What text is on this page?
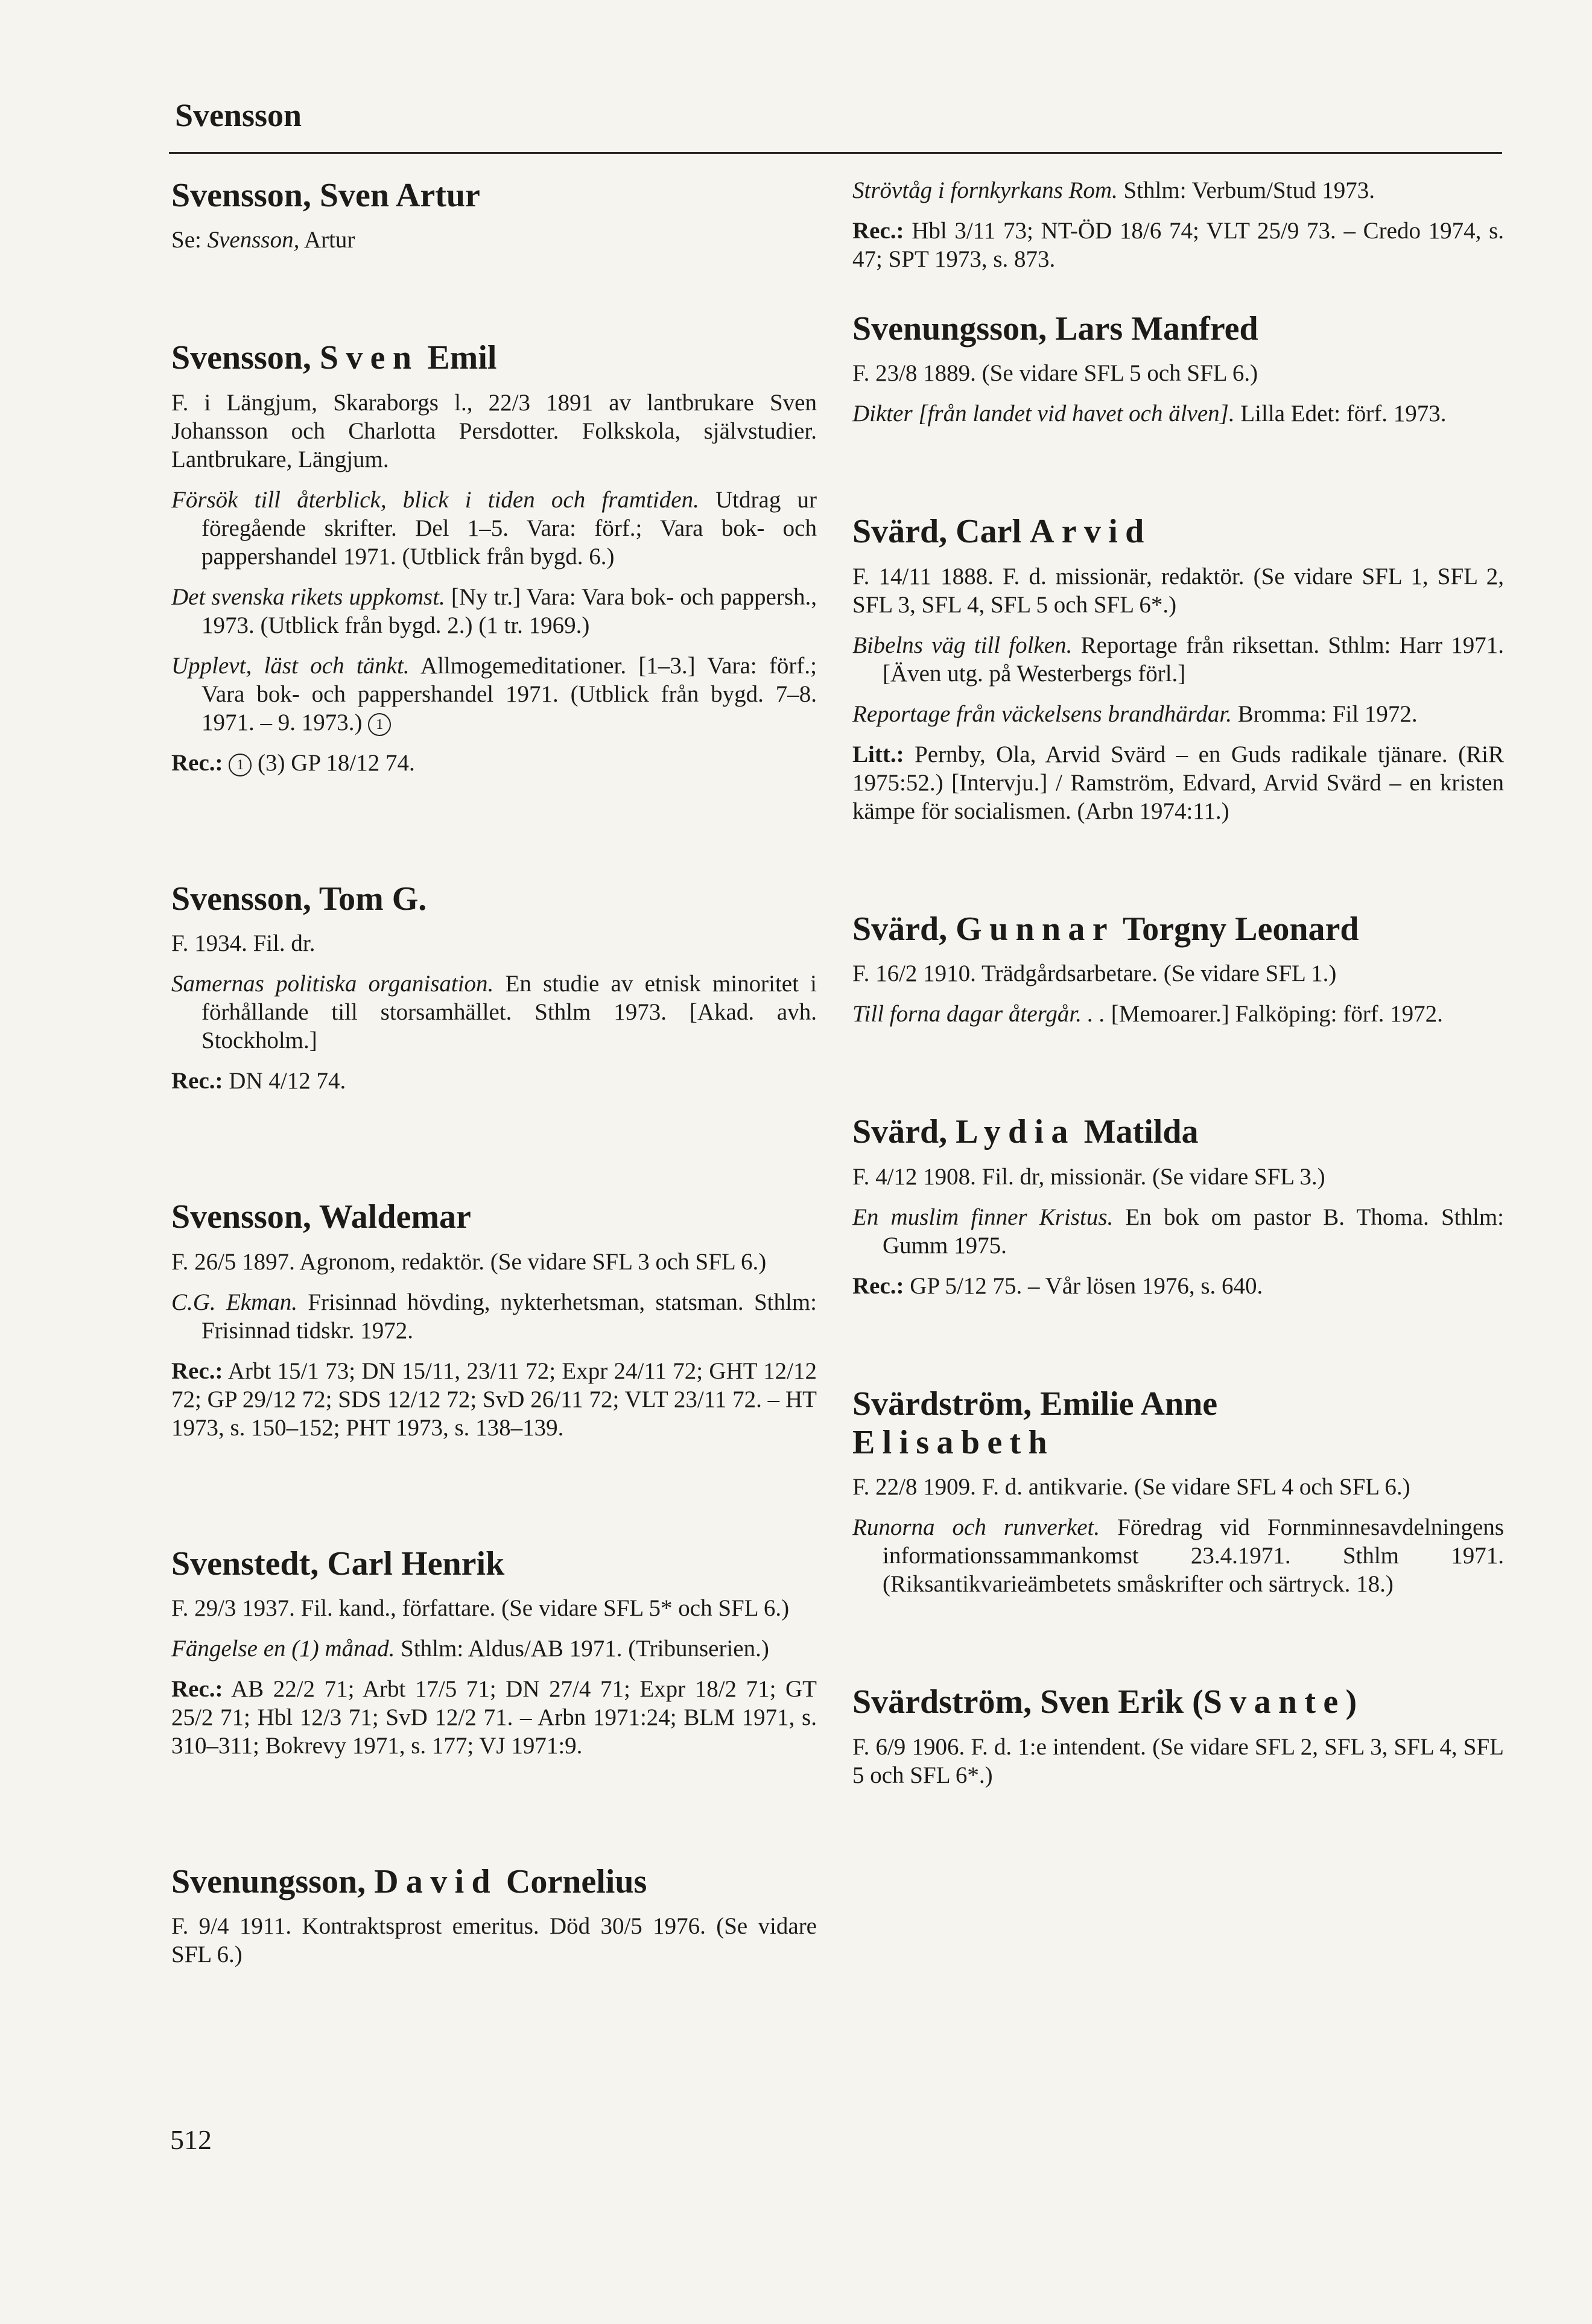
Svensson
Svensson, Sven Artur

Se: Svensson, Artur

Svensson, Sven Emil

F. i Längjum, Skaraborgs l., 22/3 1891 av lantbrukare Sven Johansson och Charlotta Persdotter. Folkskola, självstudier. Lantbrukare, Längjum.

Försök till återblick, blick i tiden och framtiden. Utdrag ur föregående skrifter. Del 1–5. Vara: förf.; Vara bok- och pappershandel 1971. (Utblick från bygd. 6.)

Det svenska rikets uppkomst. [Ny tr.] Vara: Vara bok- och pappersh., 1973. (Utblick från bygd. 2.) (1 tr. 1969.)

Upplevt, läst och tänkt. Allmogemeditationer. [1–3.] Vara: förf.; Vara bok- och pappershandel 1971. (Utblick från bygd. 7–8. 1971. – 9. 1973.) 1

Rec.: 1 (3) GP 18/12 74.

Svensson, Tom G.

F. 1934. Fil. dr.

Samernas politiska organisation. En studie av etnisk minoritet i förhållande till storsamhället. Sthlm 1973. [Akad. avh. Stockholm.]

Rec.: DN 4/12 74.

Svensson, Waldemar

F. 26/5 1897. Agronom, redaktör. (Se vidare SFL 3 och SFL 6.)

C.G. Ekman. Frisinnad hövding, nykterhetsman, statsman. Sthlm: Frisinnad tidskr. 1972.

Rec.: Arbt 15/1 73; DN 15/11, 23/11 72; Expr 24/11 72; GHT 12/12 72; GP 29/12 72; SDS 12/12 72; SvD 26/11 72; VLT 23/11 72. – HT 1973, s. 150–152; PHT 1973, s. 138–139.

Svenstedt, Carl Henrik

F. 29/3 1937. Fil. kand., författare. (Se vidare SFL 5* och SFL 6.)

Fängelse en (1) månad. Sthlm: Aldus/AB 1971. (Tribunserien.)

Rec.: AB 22/2 71; Arbt 17/5 71; DN 27/4 71; Expr 18/2 71; GT 25/2 71; Hbl 12/3 71; SvD 12/2 71. – Arbn 1971:24; BLM 1971, s. 310–311; Bokrevy 1971, s. 177; VJ 1971:9.

Svenungsson, David Cornelius

F. 9/4 1911. Kontraktsprost emeritus. Död 30/5 1976. (Se vidare SFL 6.)

Strövtåg i fornkyrkans Rom. Sthlm: Verbum/Stud 1973.

Rec.: Hbl 3/11 73; NT-ÖD 18/6 74; VLT 25/9 73. – Credo 1974, s. 47; SPT 1973, s. 873.

Svenungsson, Lars Manfred

F. 23/8 1889. (Se vidare SFL 5 och SFL 6.)

Dikter [från landet vid havet och älven]. Lilla Edet: förf. 1973.

Svärd, Carl Arvid

F. 14/11 1888. F. d. missionär, redaktör. (Se vidare SFL 1, SFL 2, SFL 3, SFL 4, SFL 5 och SFL 6*.)

Bibelns väg till folken. Reportage från riksettan. Sthlm: Harr 1971. [Även utg. på Westerbergs förl.]

Reportage från väckelsens brandhärdar. Bromma: Fil 1972.

Litt.: Pernby, Ola, Arvid Svärd – en Guds radikale tjänare. (RiR 1975:52.) [Intervju.] / Ramström, Edvard, Arvid Svärd – en kristen kämpe för socialismen. (Arbn 1974:11.)

Svärd, Gunnar Torgny Leonard

F. 16/2 1910. Trädgårdsarbetare. (Se vidare SFL 1.)

Till forna dagar återgår. . . [Memoarer.] Falköping: förf. 1972.

Svärd, Lydia Matilda

F. 4/12 1908. Fil. dr, missionär. (Se vidare SFL 3.)

En muslim finner Kristus. En bok om pastor B. Thoma. Sthlm: Gumm 1975.

Rec.: GP 5/12 75. – Vår lösen 1976, s. 640.

Svärdström, Emilie Anne
Elisabeth

F. 22/8 1909. F. d. antikvarie. (Se vidare SFL 4 och SFL 6.)

Runorna och runverket. Föredrag vid Fornminnesavdelningens informationssammankomst 23.4.1971. Sthlm 1971. (Riksantikvarieämbetets småskrifter och särtryck. 18.)

Svärdström, Sven Erik (Svante)

F. 6/9 1906. F. d. 1:e intendent. (Se vidare SFL 2, SFL 3, SFL 4, SFL 5 och SFL 6*.)

512
